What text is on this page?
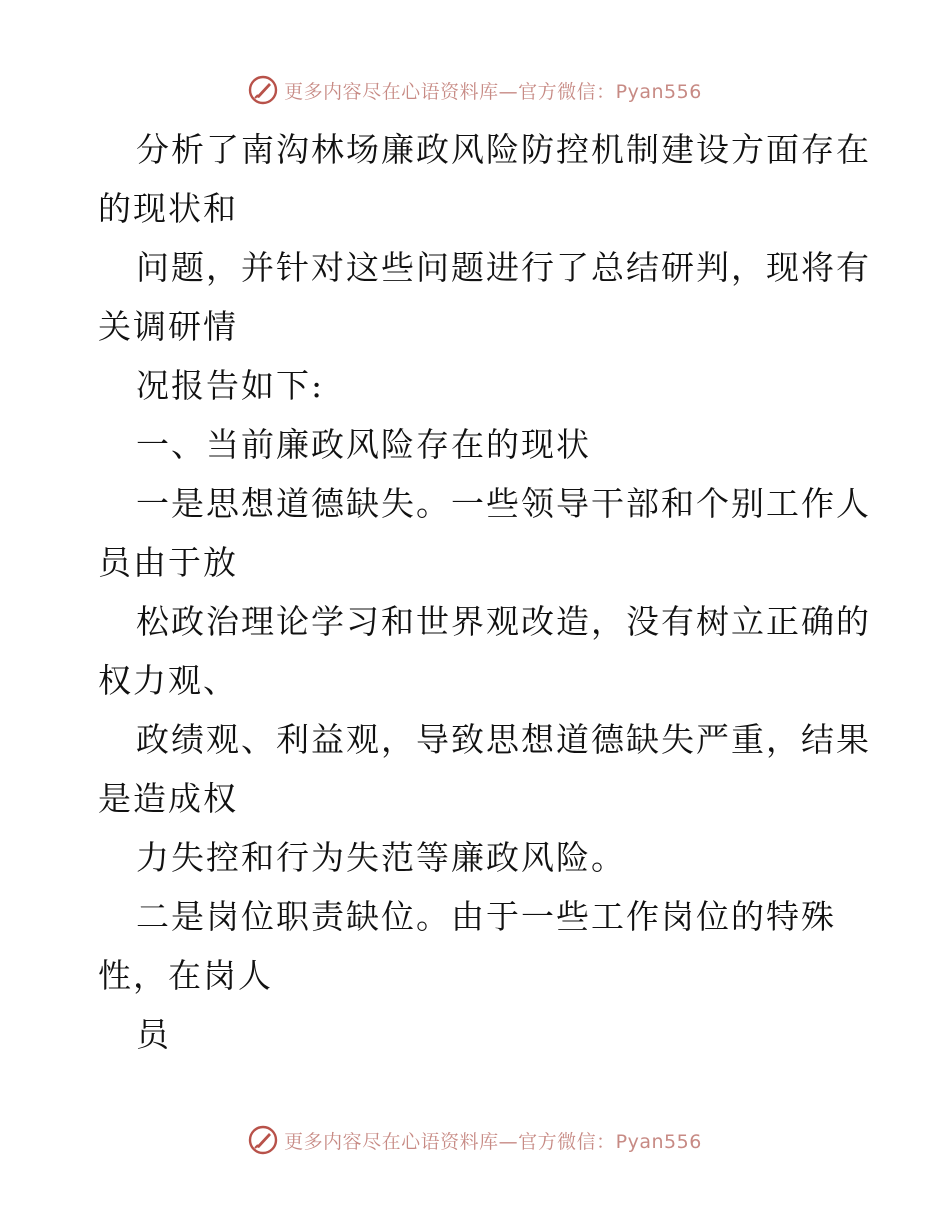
更多内容尽在心语资料库—官方微信：Pyan556

分析了南沟林场廉政风险防控机制建设方面存在

的现状和

问题，并针对这些问题进行了总结研判，现将有

关调研情

况报告如下:

一、当前廉政风险存在的现状

一是思想道德缺失。一些领导干部和个别工作人

员由于放

松政治理论学习和世界观改造，没有树立正确的

权力观、

政绩观、利益观，导致思想道德缺失严重，结果

是造成权

力失控和行为失范等廉政风险。

二是岗位职责缺位。由于一些工作岗位的特殊

性，在岗人

员

更多内容尽在心语资料库—官方微信：Pyan556
